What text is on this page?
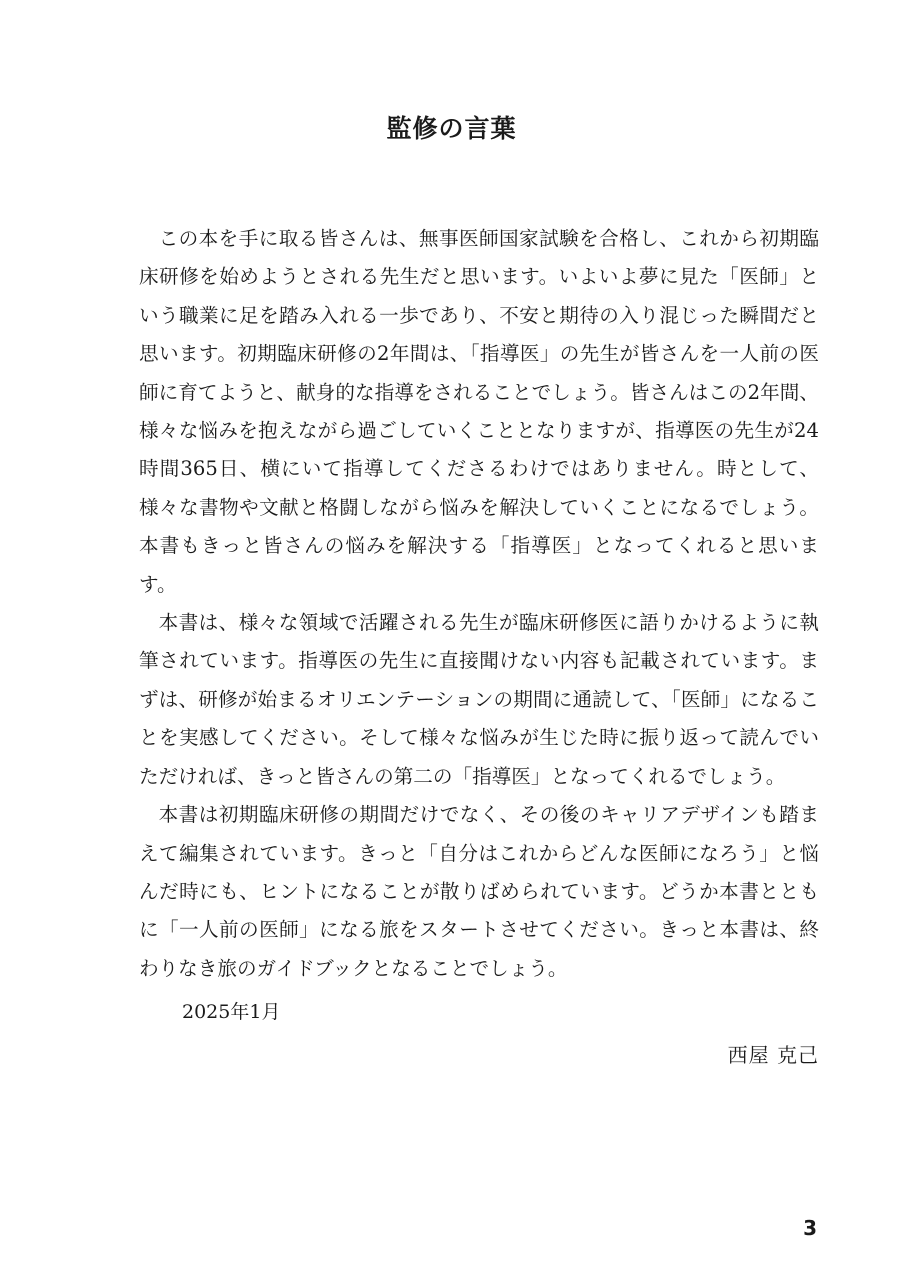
監修の言葉

この本を手に取る皆さんは、無事医師国家試験を合格し、これから初期臨床研修を始めようとされる先生だと思います。いよいよ夢に見た「医師」という職業に足を踏み入れる一歩であり、不安と期待の入り混じった瞬間だと思います。初期臨床研修の2年間は、「指導医」の先生が皆さんを一人前の医師に育てようと、献身的な指導をされることでしょう。皆さんはこの2年間、様々な悩みを抱えながら過ごしていくこととなりますが、指導医の先生が24時間365日、横にいて指導してくださるわけではありません。時として、様々な書物や文献と格闘しながら悩みを解決していくことになるでしょう。本書もきっと皆さんの悩みを解決する「指導医」となってくれると思います。

本書は、様々な領域で活躍される先生が臨床研修医に語りかけるように執筆されています。指導医の先生に直接聞けない内容も記載されています。まずは、研修が始まるオリエンテーションの期間に通読して、「医師」になることを実感してください。そして様々な悩みが生じた時に振り返って読んでいただければ、きっと皆さんの第二の「指導医」となってくれるでしょう。

本書は初期臨床研修の期間だけでなく、その後のキャリアデザインも踏まえて編集されています。きっと「自分はこれからどんな医師になろう」と悩んだ時にも、ヒントになることが散りばめられています。どうか本書とともに「一人前の医師」になる旅をスタートさせてください。きっと本書は、終わりなき旅のガイドブックとなることでしょう。

2025年1月
西屋 克己
3
